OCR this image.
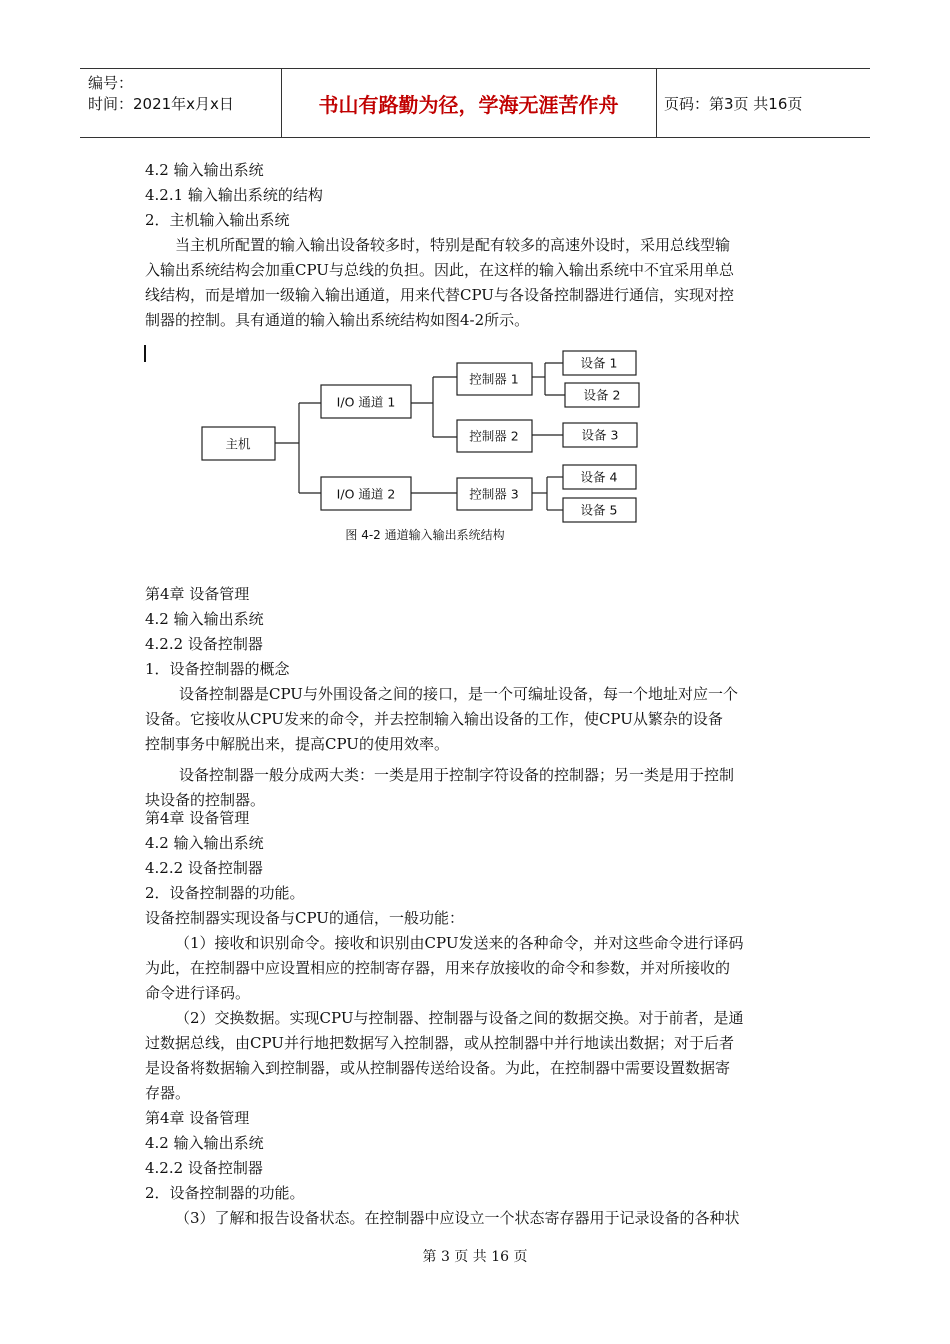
编号：
时间：2021年x月x日	书山有路勤为径，学海无涯苦作舟	页码：第3页 共16页
4.2 输入输出系统
4.2.1 输入输出系统的结构
2．主机输入输出系统
当主机所配置的输入输出设备较多时，特别是配有较多的高速外设时，采用总线型输
入输出系统结构会加重CPU与总线的负担。因此，在这样的输入输出系统中不宜采用单总
线结构，而是增加一级输入输出通道，用来代替CPU与各设备控制器进行通信，实现对控
制器的控制。具有通道的输入输出系统结构如图4-2所示。
主机
I/O 通道 1
I/O 通道 2
控制器 1
控制器 2
控制器 3
设备 1
设备 2
设备 3
设备 4
设备 5
图 4-2 通道输入输出系统结构
第4章 设备管理
4.2 输入输出系统
4.2.2 设备控制器
1．设备控制器的概念
设备控制器是CPU与外围设备之间的接口，是一个可编址设备，每一个地址对应一个
设备。它接收从CPU发来的命令，并去控制输入输出设备的工作，使CPU从繁杂的设备
控制事务中解脱出来，提高CPU的使用效率。
设备控制器一般分成两大类：一类是用于控制字符设备的控制器；另一类是用于控制
块设备的控制器。
第4章 设备管理
4.2 输入输出系统
4.2.2 设备控制器
2．设备控制器的功能。
设备控制器实现设备与CPU的通信，一般功能：
（1）接收和识别命令。接收和识别由CPU发送来的各种命令，并对这些命令进行译码
为此，在控制器中应设置相应的控制寄存器，用来存放接收的命令和参数，并对所接收的
命令进行译码。
（2）交换数据。实现CPU与控制器、控制器与设备之间的数据交换。对于前者，是通
过数据总线，由CPU并行地把数据写入控制器，或从控制器中并行地读出数据；对于后者
是设备将数据输入到控制器，或从控制器传送给设备。为此，在控制器中需要设置数据寄
存器。
第4章 设备管理
4.2 输入输出系统
4.2.2 设备控制器
2．设备控制器的功能。
（3）了解和报告设备状态。在控制器中应设立一个状态寄存器用于记录设备的各种状
第 3 页 共 16 页
